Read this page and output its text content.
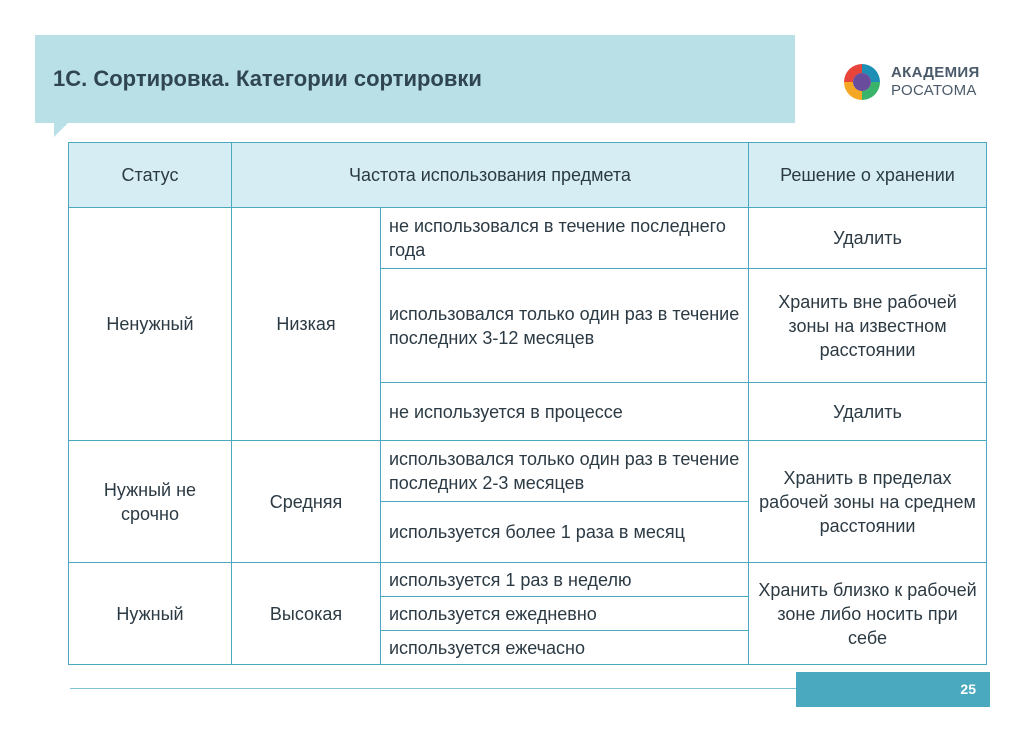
1С. Сортировка. Категории сортировки	АКАДЕМИЯ
РОСАТОМА
Статус	Частота использования предмета		Решение о хранении
Ненужный	Низкая	не использовался в течение последнего года	Удалить
		использовался только один раз в течение последних 3-12 месяцев	Хранить вне рабочей зоны на известном расстоянии
		не используется в процессе	Удалить
Нужный не срочно	Средняя	использовался только один раз в течение последних 2-3 месяцев	Хранить в пределах рабочей зоны на среднем расстоянии
		используется более 1 раза в месяц	
Нужный	Высокая	используется 1 раз в неделю	Хранить близко к рабочей зоне либо носить при себе
		используется ежедневно	
		используется ежечасно	
25
